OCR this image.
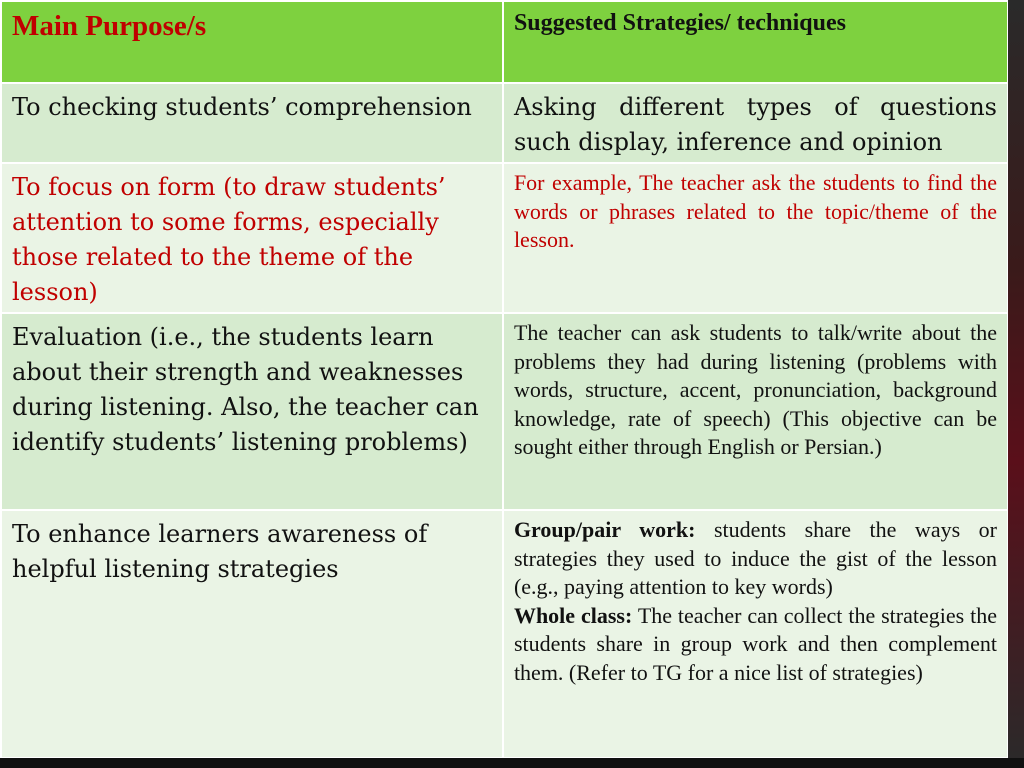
Main Purpose/s	Suggested Strategies/ techniques

To checking students’ comprehension	Asking different types of questions such display, inference and opinion

To focus on form (to draw students’ attention to some forms, especially those related to the theme of the lesson)	For example, The teacher ask the students to find the words or phrases related to the topic/theme of the lesson.

Evaluation (i.e., the students learn about their strength and weaknesses during listening. Also, the teacher can identify students’ listening problems)	The teacher can ask students to talk/write about the problems they had during listening (problems with words, structure, accent, pronunciation, background knowledge, rate of speech) (This objective can be sought either through English or Persian.)

To enhance learners awareness of helpful listening strategies	Group/pair work: students share the ways or strategies they used to induce the gist of the lesson (e.g., paying attention to key words)
Whole class: The teacher can collect the strategies the students share in group work and then complement them. (Refer to TG for a nice list of strategies)
